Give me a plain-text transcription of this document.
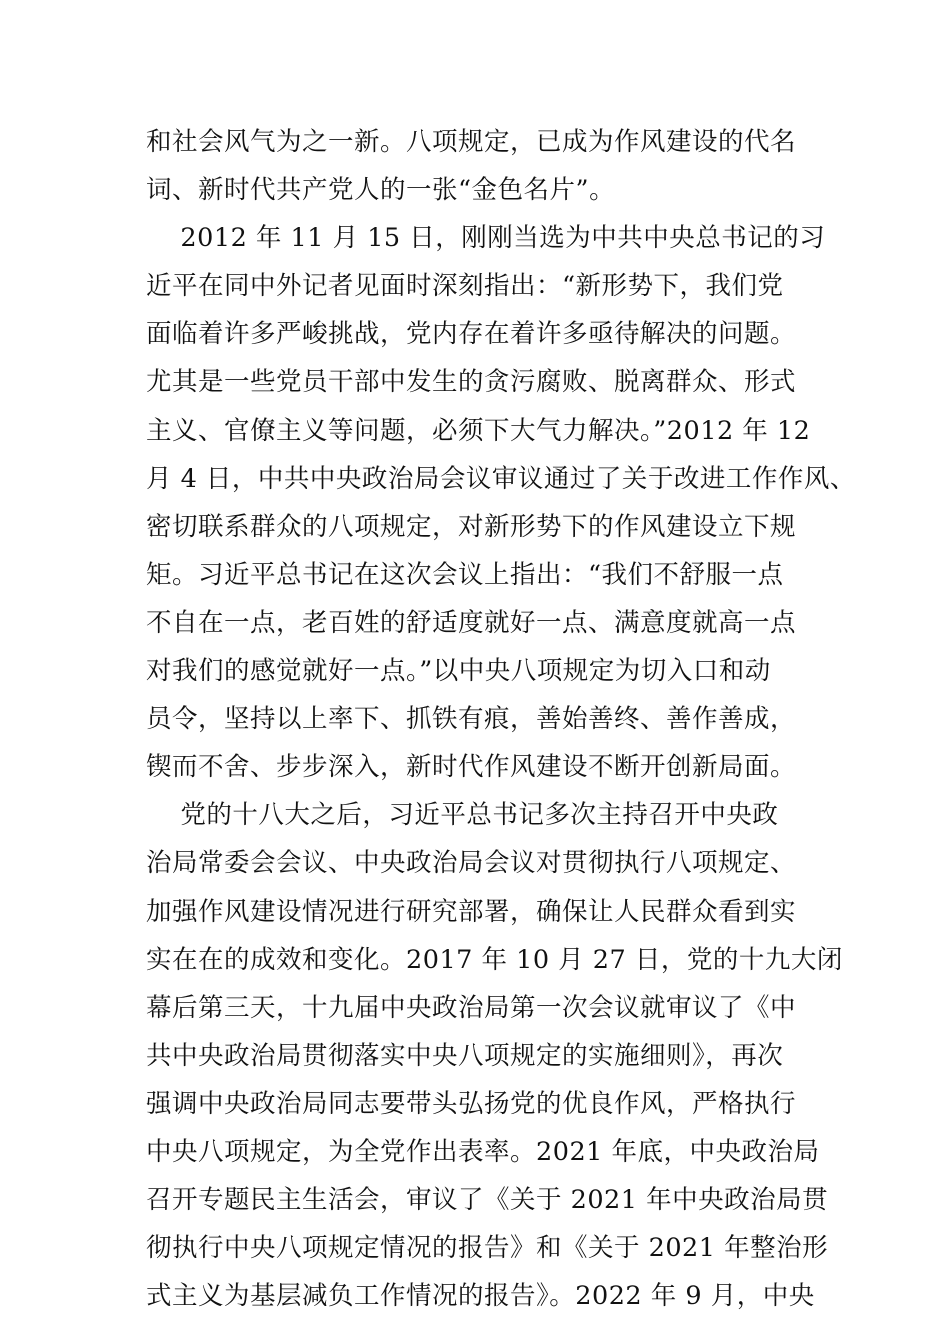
和社会风气为之一新。八项规定，已成为作风建设的代名
词、新时代共产党人的一张“金色名片”。
2012 年 11 月 15 日，刚刚当选为中共中央总书记的习
近平在同中外记者见面时深刻指出：“新形势下，我们党
面临着许多严峻挑战，党内存在着许多亟待解决的问题。
尤其是一些党员干部中发生的贪污腐败、脱离群众、形式
主义、官僚主义等问题，必须下大气力解决。”2012 年 12
月 4 日，中共中央政治局会议审议通过了关于改进工作作风、
密切联系群众的八项规定，对新形势下的作风建设立下规
矩。习近平总书记在这次会议上指出：“我们不舒服一点
不自在一点，老百姓的舒适度就好一点、满意度就高一点
对我们的感觉就好一点。”以中央八项规定为切入口和动
员令，坚持以上率下、抓铁有痕，善始善终、善作善成，
锲而不舍、步步深入，新时代作风建设不断开创新局面。
党的十八大之后，习近平总书记多次主持召开中央政
治局常委会会议、中央政治局会议对贯彻执行八项规定、
加强作风建设情况进行研究部署，确保让人民群众看到实
实在在的成效和变化。2017 年 10 月 27 日，党的十九大闭
幕后第三天，十九届中央政治局第一次会议就审议了《中
共中央政治局贯彻落实中央八项规定的实施细则》，再次
强调中央政治局同志要带头弘扬党的优良作风，严格执行
中央八项规定，为全党作出表率。2021 年底，中央政治局
召开专题民主生活会，审议了《关于 2021 年中央政治局贯
彻执行中央八项规定情况的报告》和《关于 2021 年整治形
式主义为基层减负工作情况的报告》。2022 年 9 月，中央
